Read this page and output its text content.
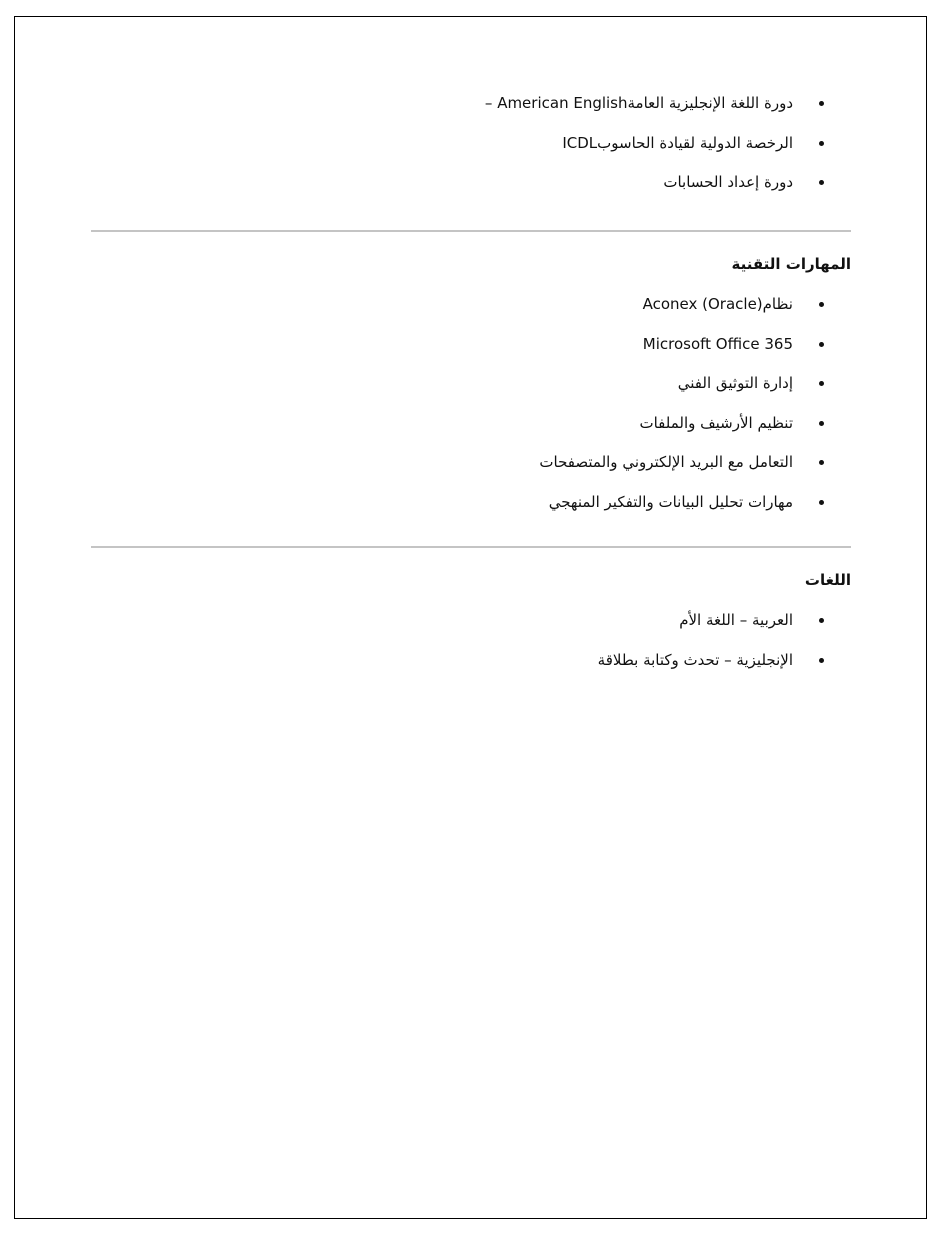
دورة اللغة الإنجليزية العامةAmerican English –
الرخصة الدولية لقيادة الحاسوبICDL
دورة إعداد الحسابات
المهارات التقنية
نظام(Aconex (Oracle
Microsoft Office 365
إدارة التوثيق الفني
تنظيم الأرشيف والملفات
التعامل مع البريد الإلكتروني والمتصفحات
مهارات تحليل البيانات والتفكير المنهجي
اللغات
العربية – اللغة الأم
الإنجليزية – تحدث وكتابة بطلاقة
